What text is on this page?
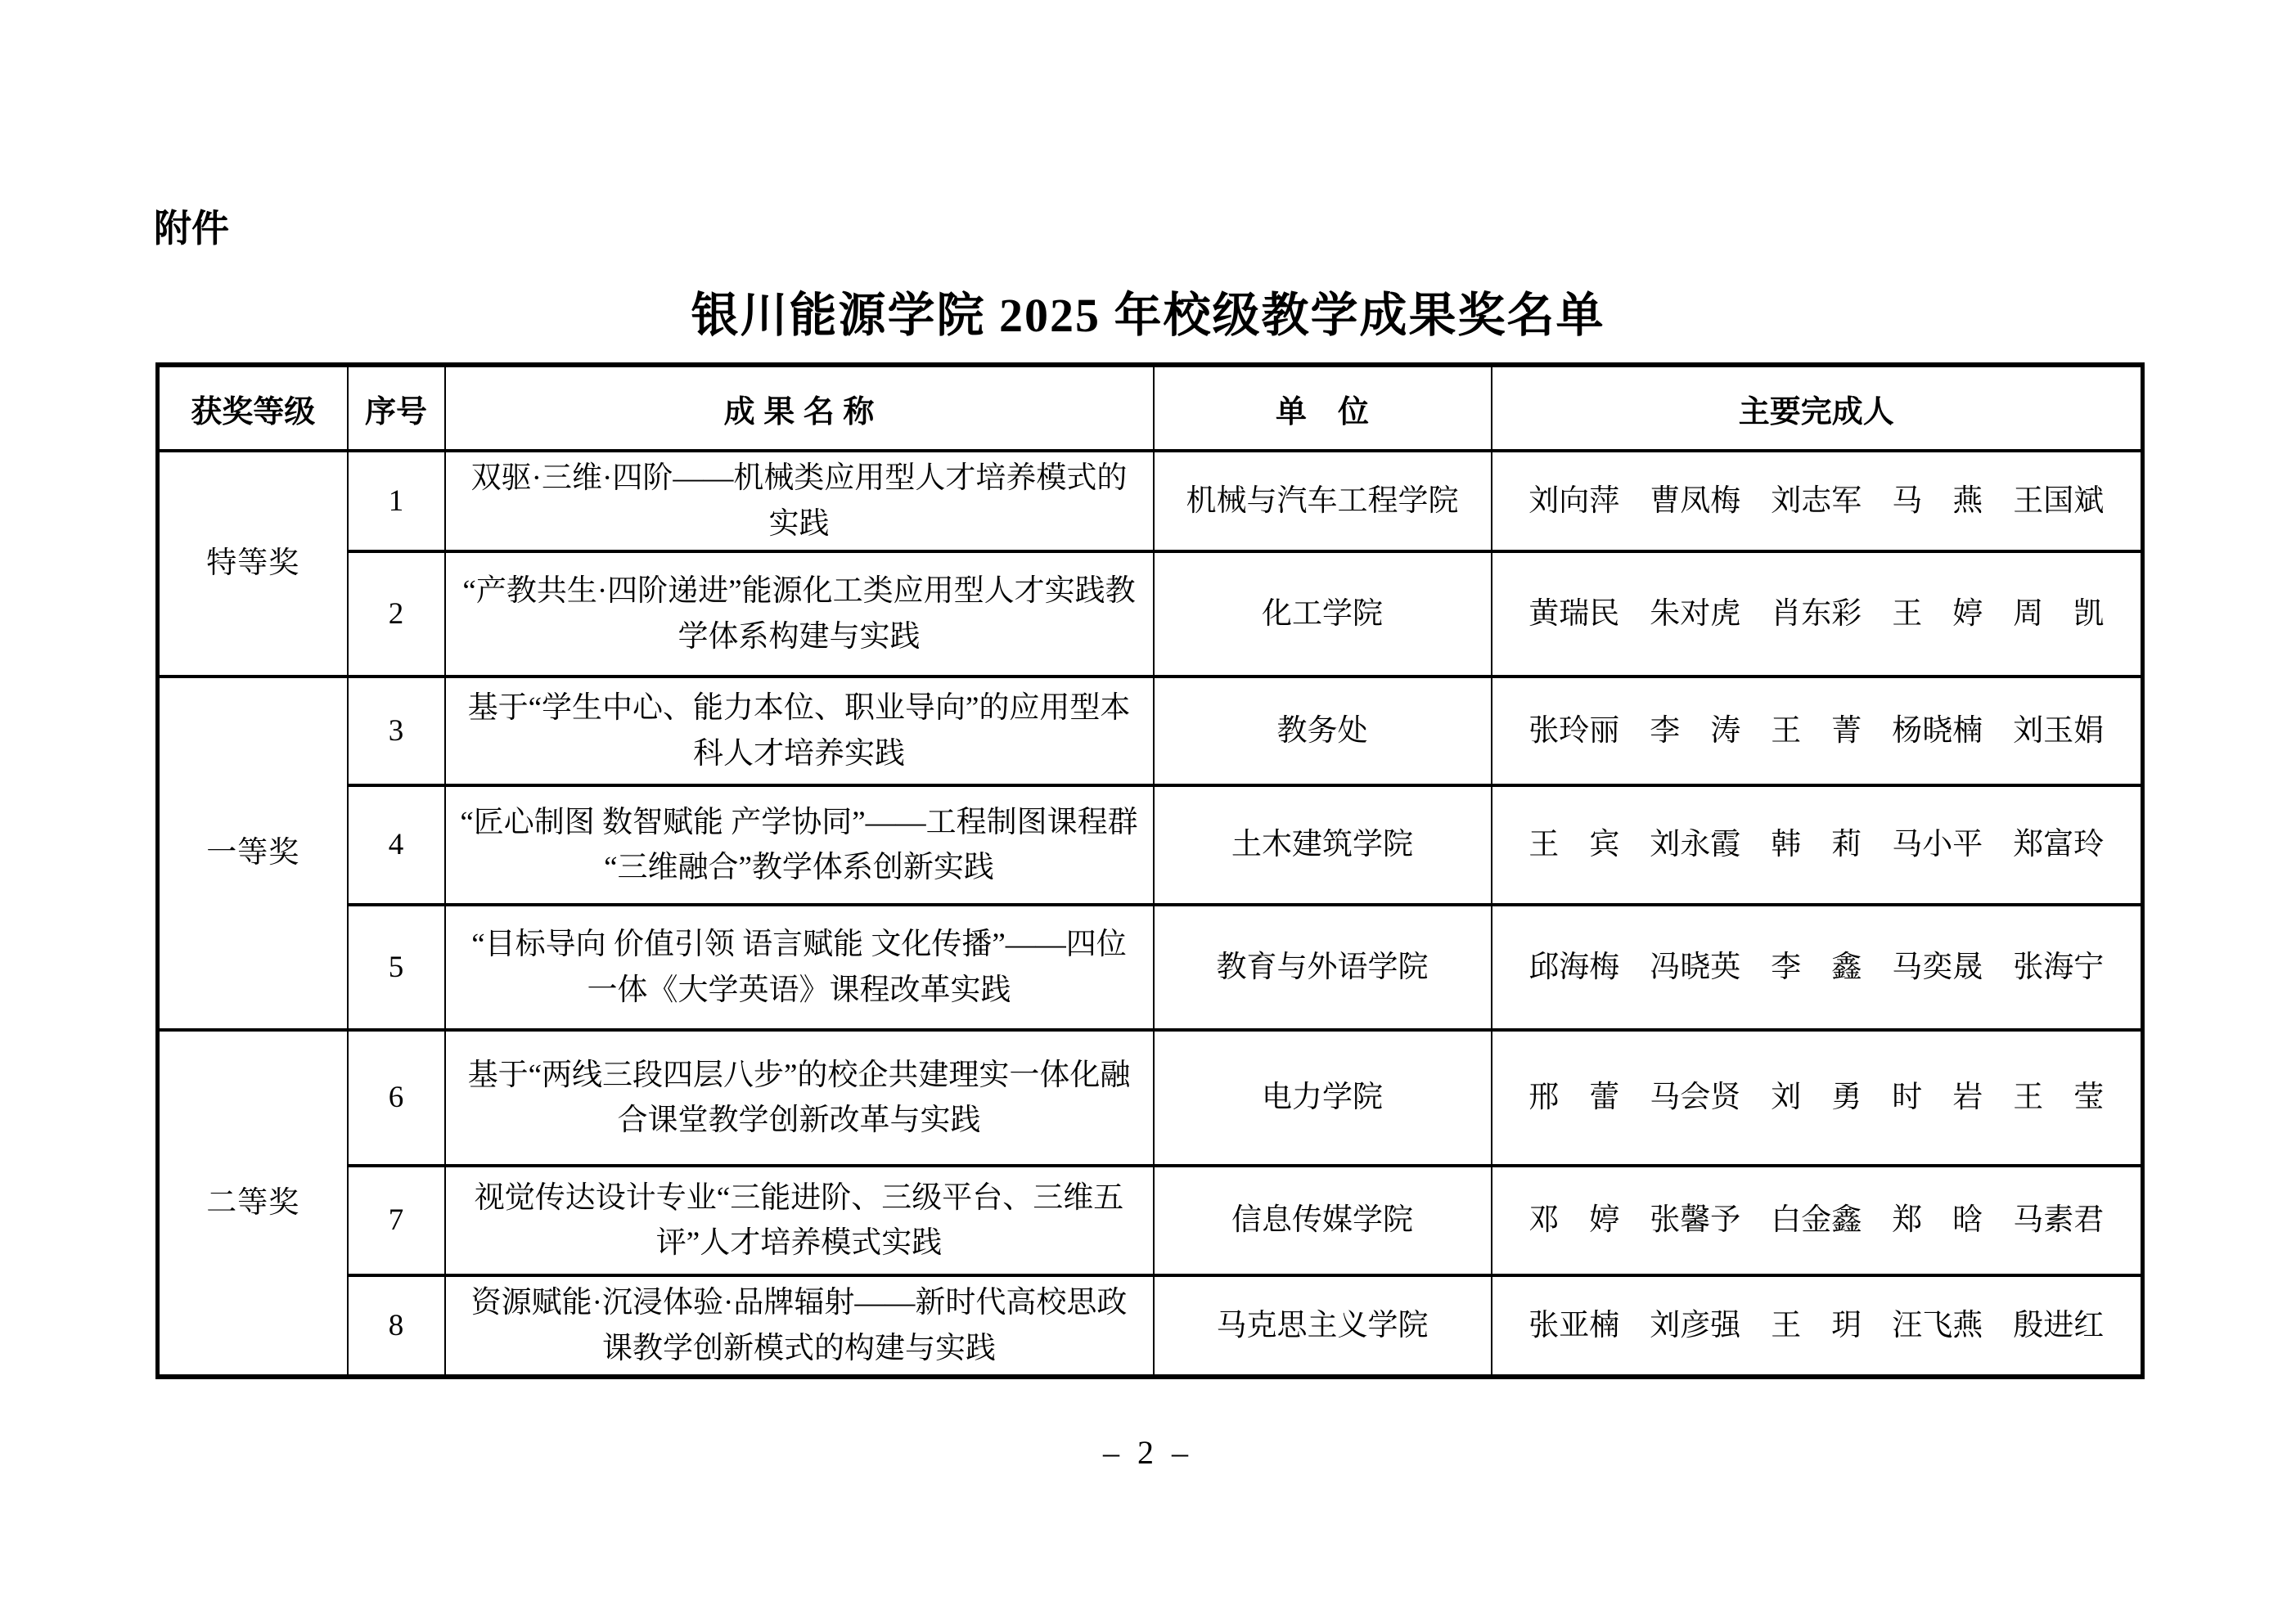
附件
银川能源学院 2025 年校级教学成果奖名单
获奖等级	序号	成 果 名 称	单　位	主要完成人
特等奖	1	双驱·三维·四阶——机械类应用型人才培养模式的实践	机械与汽车工程学院	刘向萍　曹凤梅　刘志军　马　燕　王国斌
	2	“产教共生·四阶递进”能源化工类应用型人才实践教学体系构建与实践	化工学院	黄瑞民　朱对虎　肖东彩　王　婷　周　凯
一等奖	3	基于“学生中心、能力本位、职业导向”的应用型本科人才培养实践	教务处	张玲丽　李　涛　王　菁　杨晓楠　刘玉娟
	4	“匠心制图 数智赋能 产学协同”——工程制图课程群“三维融合”教学体系创新实践	土木建筑学院	王　宾　刘永霞　韩　莉　马小平　郑富玲
	5	“目标导向 价值引领 语言赋能 文化传播”——四位一体《大学英语》课程改革实践	教育与外语学院	邱海梅　冯晓英　李　鑫　马奕晟　张海宁
二等奖	6	基于“两线三段四层八步”的校企共建理实一体化融合课堂教学创新改革与实践	电力学院	邢　蕾　马会贤　刘　勇　时　岩　王　莹
	7	视觉传达设计专业“三能进阶、三级平台、三维五评”人才培养模式实践	信息传媒学院	邓　婷　张馨予　白金鑫　郑　晗　马素君
	8	资源赋能·沉浸体验·品牌辐射——新时代高校思政课教学创新模式的构建与实践	马克思主义学院	张亚楠　刘彦强　王　玥　汪飞燕　殷进红
– 2 –
